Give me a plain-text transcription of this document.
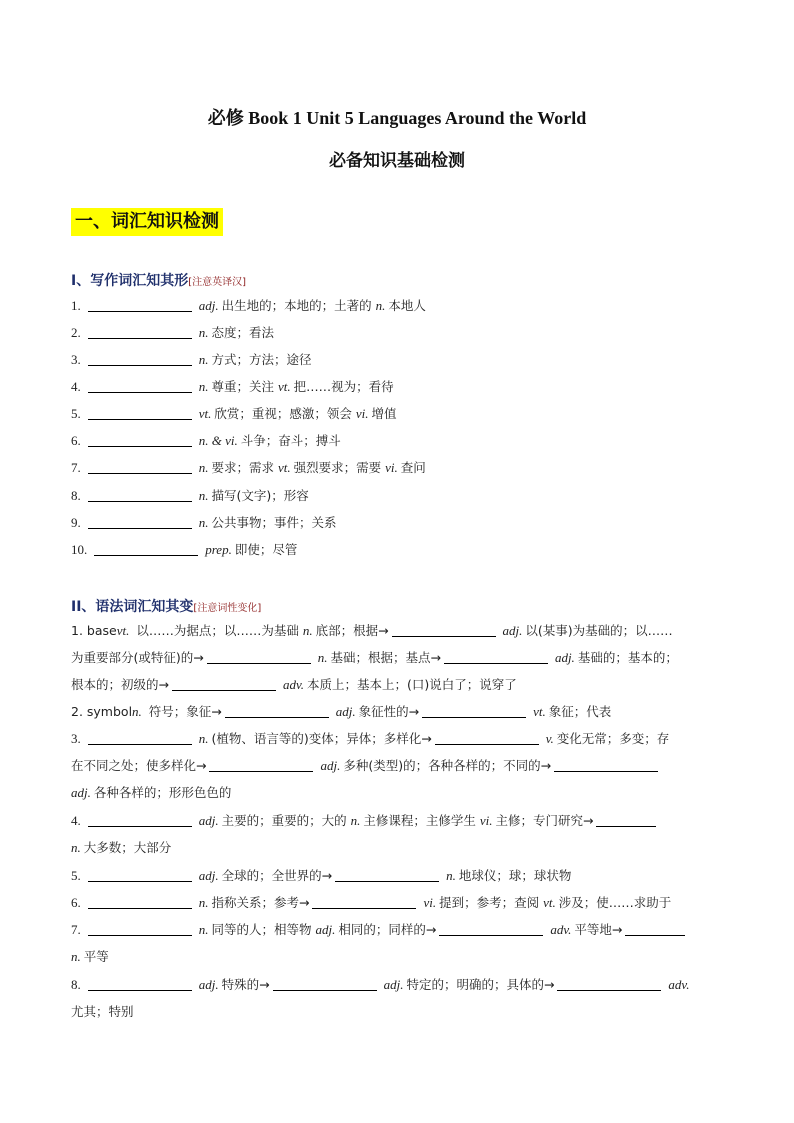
必修 Book 1 Unit 5 Languages Around the World
必备知识基础检测
一、词汇知识检测
I、写作词汇知其形[注意英译汉]
1.	adj. 出生地的；本地的；土著的 n. 本地人
2.	n. 态度；看法
3.	n. 方式；方法；途径
4.	n. 尊重；关注 vt. 把……视为；看待
5.	vt. 欣赏；重视；感激；领会 vi. 增值
6.	n. & vi. 斗争；奋斗；搏斗
7.	n. 要求；需求 vt. 强烈要求；需要 vi. 查问
8.	n. 描写(文字)；形容
9.	n. 公共事物；事件；关系
10.	prep. 即使；尽管
II、语法词汇知其变[注意词性变化]
1. basevt. 以……为据点；以……为基础 n. 底部；根据→	adj. 以(某事)为基础的；以……
为重要部分(或特征)的→	n. 基础；根据；基点→	adj. 基础的；基本的；
根本的；初级的→	adv. 本质上；基本上；(口)说白了；说穿了
2. symboln. 符号；象征→	adj. 象征性的→	vt. 象征；代表
3.	n. (植物、语言等的)变体；异体；多样化→	v. 变化无常；多变；存
在不同之处；使多样化→	adj. 多种(类型)的；各种各样的；不同的→
adj. 各种各样的；形形色色的
4.	adj. 主要的；重要的；大的 n. 主修课程；主修学生 vi. 主修；专门研究→
n. 大多数；大部分
5.	adj. 全球的；全世界的→	n. 地球仪；球；球状物
6.	n. 指称关系；参考→	vi. 提到；参考；查阅 vt. 涉及；使……求助于
7.	n. 同等的人；相等物 adj. 相同的；同样的→	adv. 平等地→
n. 平等
8.	adj. 特殊的→	adj. 特定的；明确的；具体的→	adv.
尤其；特别
